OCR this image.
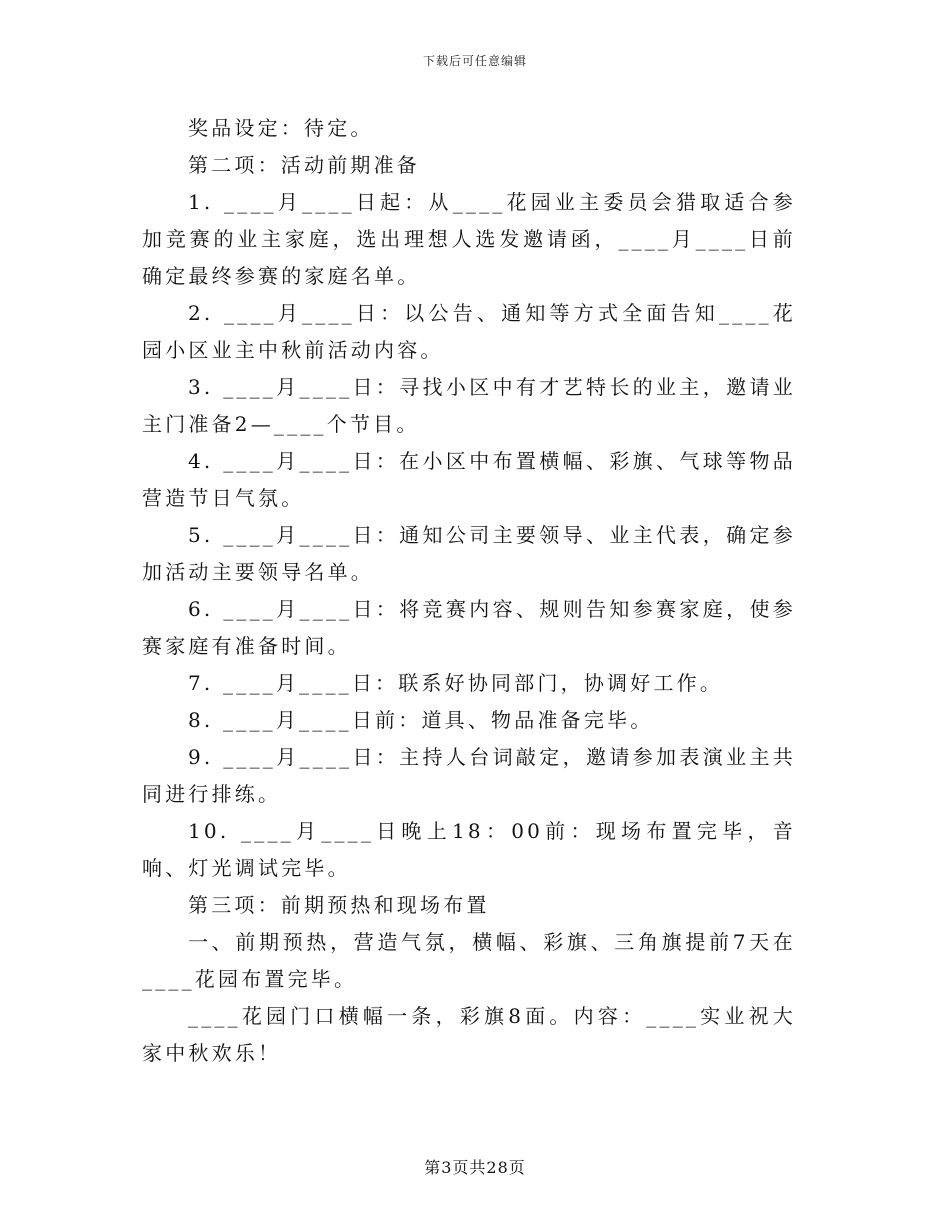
下载后可任意编辑

奖品设定：待定。

第二项：活动前期准备

1. ____月____日起：从____花园业主委员会猎取适合参加竞赛的业主家庭，选出理想人选发邀请函，____月____日前确定最终参赛的家庭名单。

2. ____月____日：以公告、通知等方式全面告知____花园小区业主中秋前活动内容。

3. ____月____日：寻找小区中有才艺特长的业主，邀请业主门准备2—____个节目。

4. ____月____日：在小区中布置横幅、彩旗、气球等物品营造节日气氛。

5. ____月____日：通知公司主要领导、业主代表，确定参加活动主要领导名单。

6. ____月____日：将竞赛内容、规则告知参赛家庭，使参赛家庭有准备时间。

7. ____月____日：联系好协同部门，协调好工作。

8. ____月____日前：道具、物品准备完毕。

9. ____月____日：主持人台词敲定，邀请参加表演业主共同进行排练。

10. ____月____日晚上18：00前：现场布置完毕，音响、灯光调试完毕。

第三项：前期预热和现场布置

一、前期预热，营造气氛，横幅、彩旗、三角旗提前7天在____花园布置完毕。

____花园门口横幅一条，彩旗8面。内容：____实业祝大家中秋欢乐！

第3页共28页
